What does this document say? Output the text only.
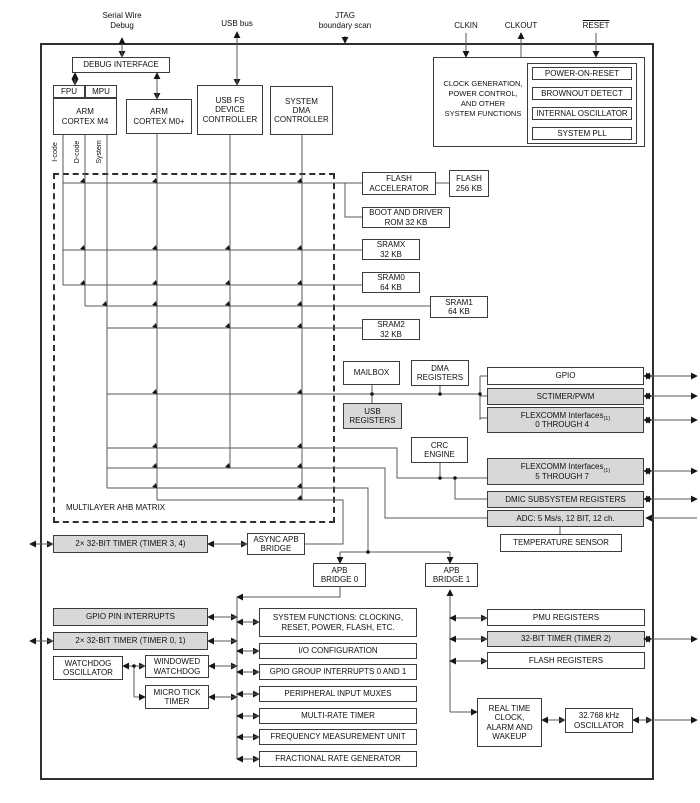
MULTILAYER AHB MATRIX
Serial Wire
Debug	USB bus
JTAG
boundary scan	CLKIN	CLKOUT	RESET
I-code D-code System
DEBUG INTERFACE
FPU	MPU
ARM
CORTEX M4
ARM
CORTEX M0+
USB FS
DEVICE
CONTROLLER
SYSTEM
DMA
CONTROLLER
CLOCK GENERATION,
POWER CONTROL,
AND OTHER
SYSTEM FUNCTIONS
POWER-ON-RESET
BROWNOUT DETECT
INTERNAL OSCILLATOR
SYSTEM PLL
FLASH
ACCELERATOR
FLASH
256 KB
BOOT AND DRIVER
ROM 32 KB
SRAMX
32 KB
SRAM0
64 KB
SRAM1
64 KB
SRAM2
32 KB
MAILBOX
DMA
REGISTERS
USB
REGISTERS
GPIO
SCTIMER/PWM
FLEXCOMM Interfaces
0 THROUGH 4
(1)
CRC
ENGINE
FLEXCOMM Interfaces
5 THROUGH 7
(1)
DMIC SUBSYSTEM REGISTERS
ADC: 5 Ms/s, 12 BIT, 12 ch.
TEMPERATURE SENSOR
2× 32-BIT TIMER (TIMER 3, 4)
ASYNC APB
BRIDGE
APB
BRIDGE 0
APB
BRIDGE 1
GPIO PIN INTERRUPTS
2× 32-BIT TIMER (TIMER 0, 1)
WATCHDOG
OSCILLATOR
WINDOWED
WATCHDOG
MICRO TICK
TIMER
SYSTEM FUNCTIONS: CLOCKING,
RESET, POWER, FLASH, ETC.
I/O CONFIGURATION
GPIO GROUP INTERRUPTS 0 AND 1
PERIPHERAL INPUT MUXES
MULTI-RATE TIMER
FREQUENCY MEASUREMENT UNIT
FRACTIONAL RATE GENERATOR
PMU REGISTERS
32-BIT TIMER (TIMER 2)
FLASH REGISTERS
REAL TIME
CLOCK,
ALARM AND
WAKEUP
32.768 kHz
OSCILLATOR
